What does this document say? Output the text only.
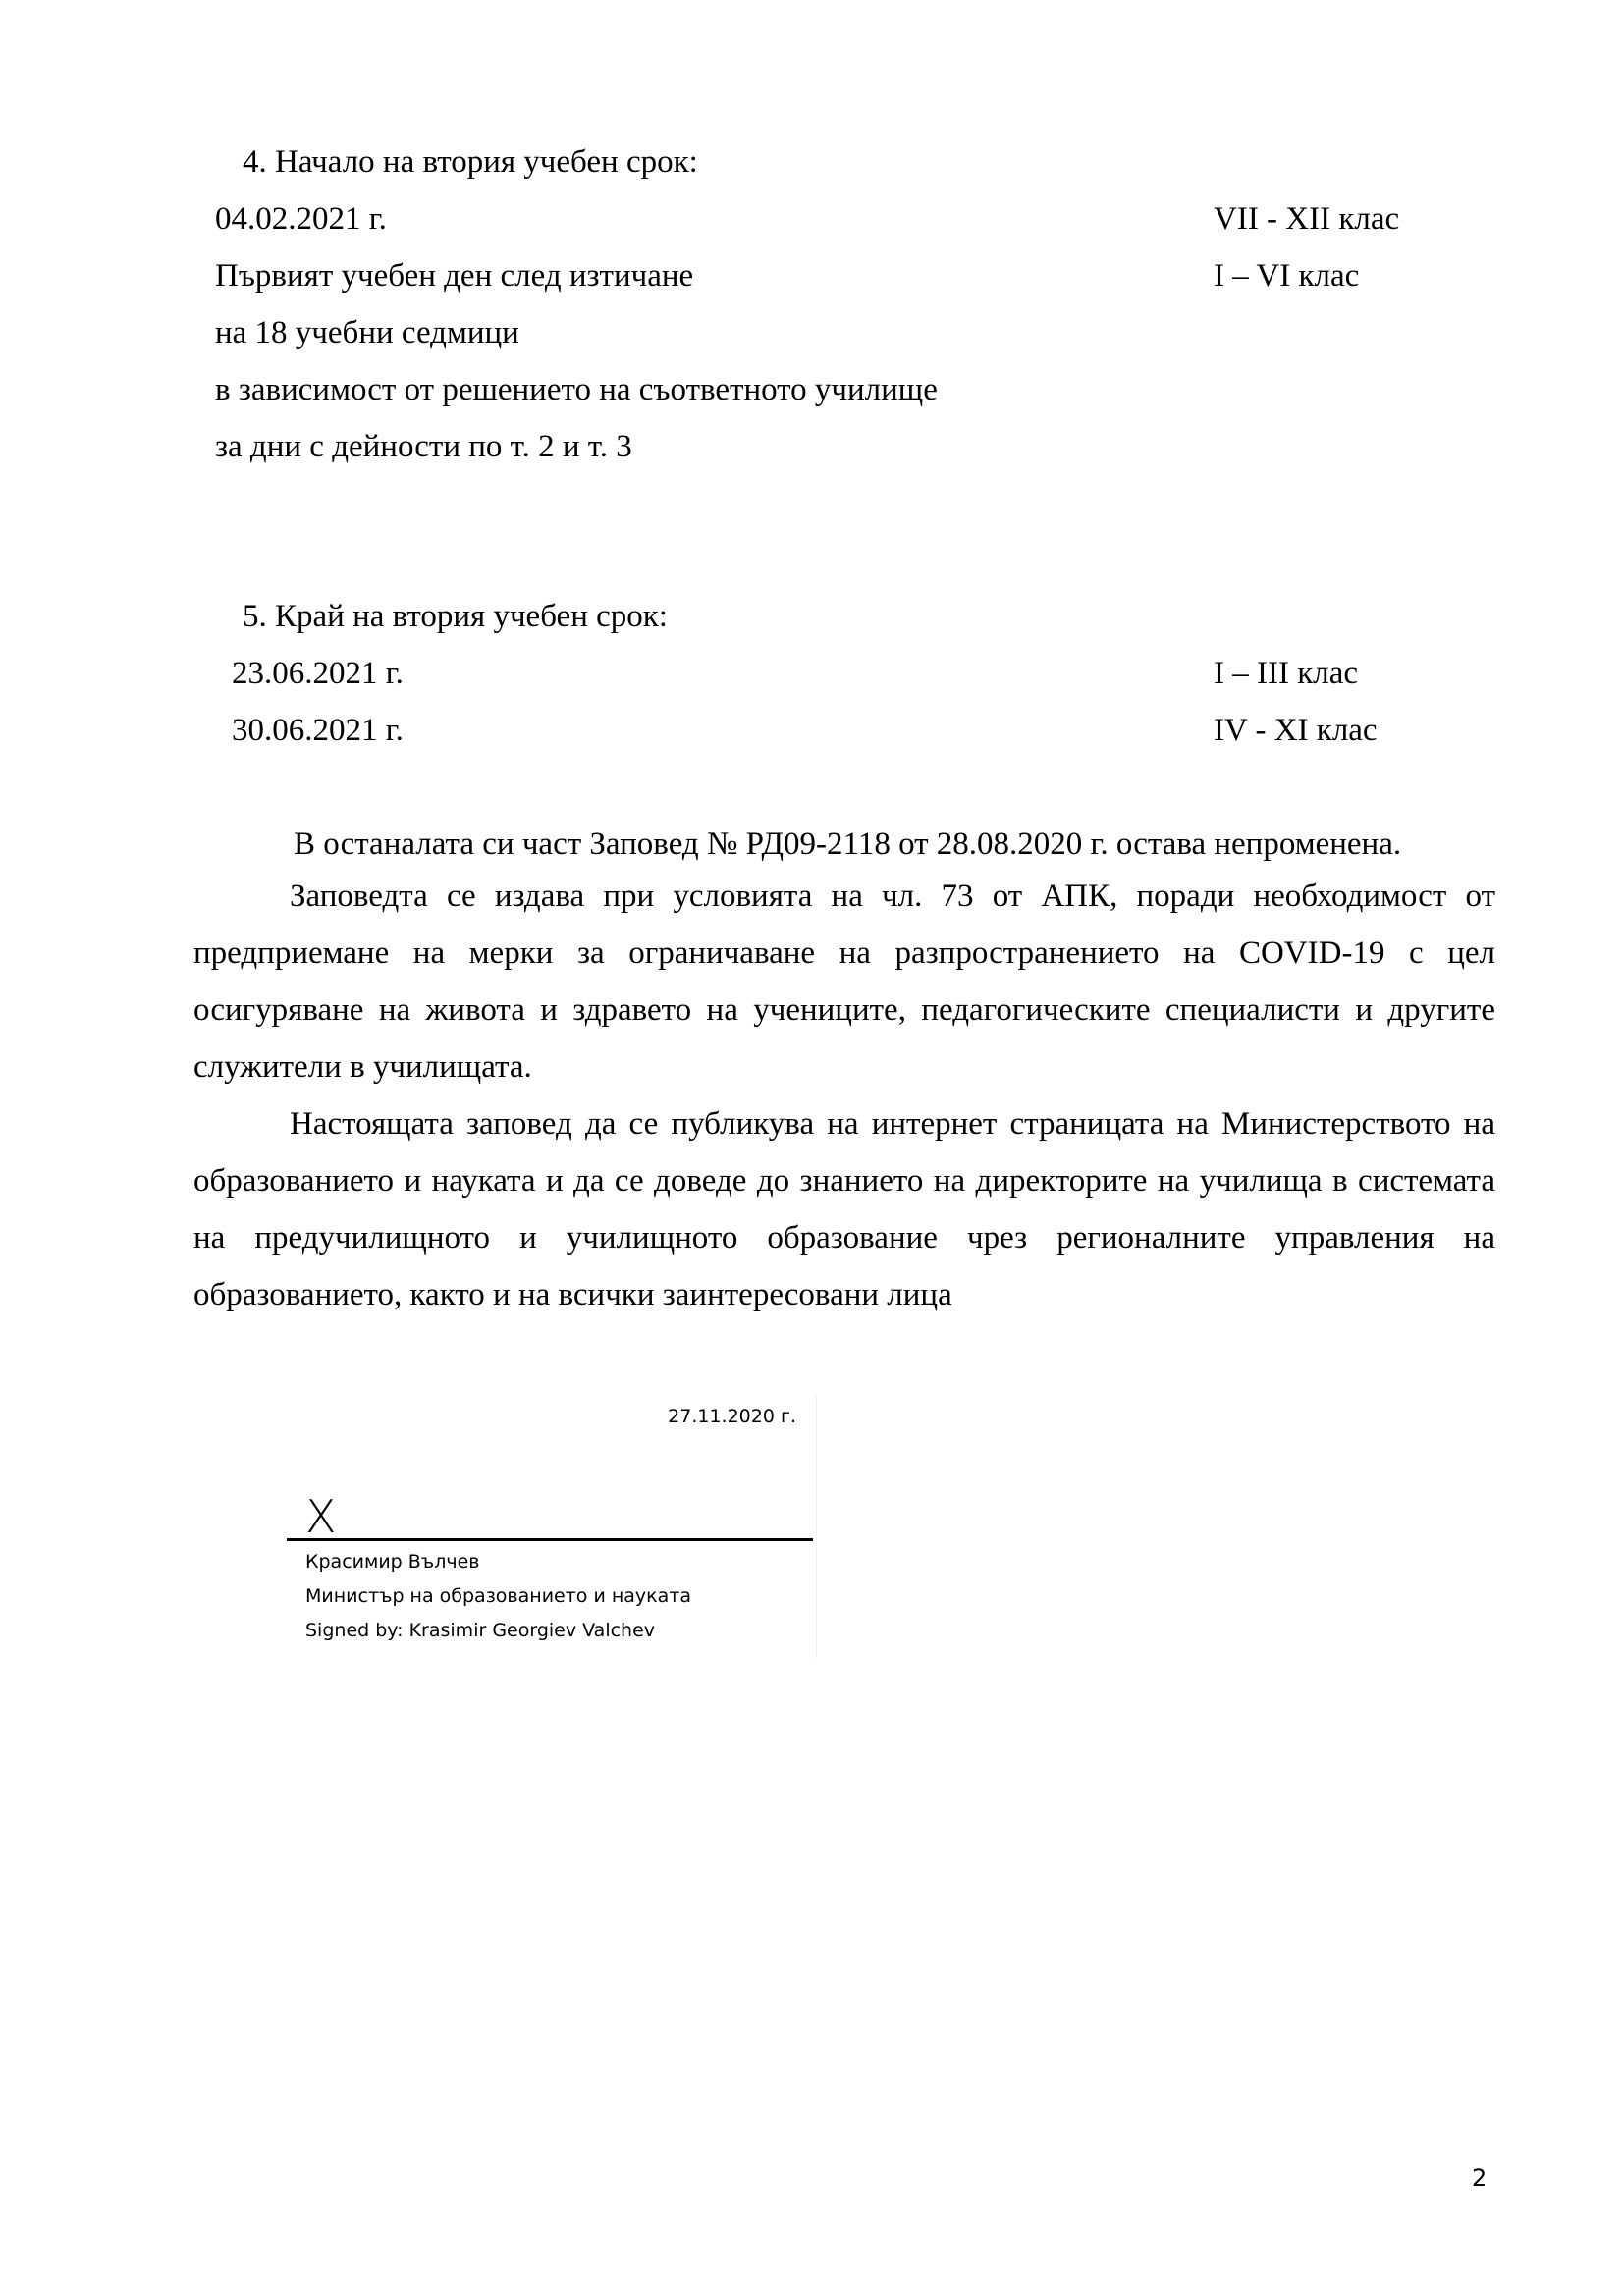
4. Начало на втория учебен срок:
04.02.2021 г.	VII - XII клас
Първият учебен ден след изтичане	I – VI клас
на 18 учебни седмици
в зависимост от решението на съответното училище
за дни с дейности по т. 2 и т. 3
5. Край на втория учебен срок:
23.06.2021 г.	I – III клас
30.06.2021 г.	IV - XI клас
В останалата си част Заповед № РД09-2118 от 28.08.2020 г. остава непроменена.

Заповедта се издава при условията на чл. 73 от АПК, поради необходимост от предприемане на мерки за ограничаване на разпространението на COVID-19 с цел осигуряване на живота и здравето на учениците, педагогическите специалисти и другите служители в училищата.

Настоящата заповед да се публикува на интернет страницата на Министерството на образованието и науката и да се доведе до знанието на директорите на училища в системата на предучилищното и училищното образование чрез регионалните управления на образованието, както и на всички заинтересовани лица

27.11.2020 г.
X
Красимир Вълчев
Министър на образованието и науката
Signed by: Krasimir Georgiev Valchev
2
